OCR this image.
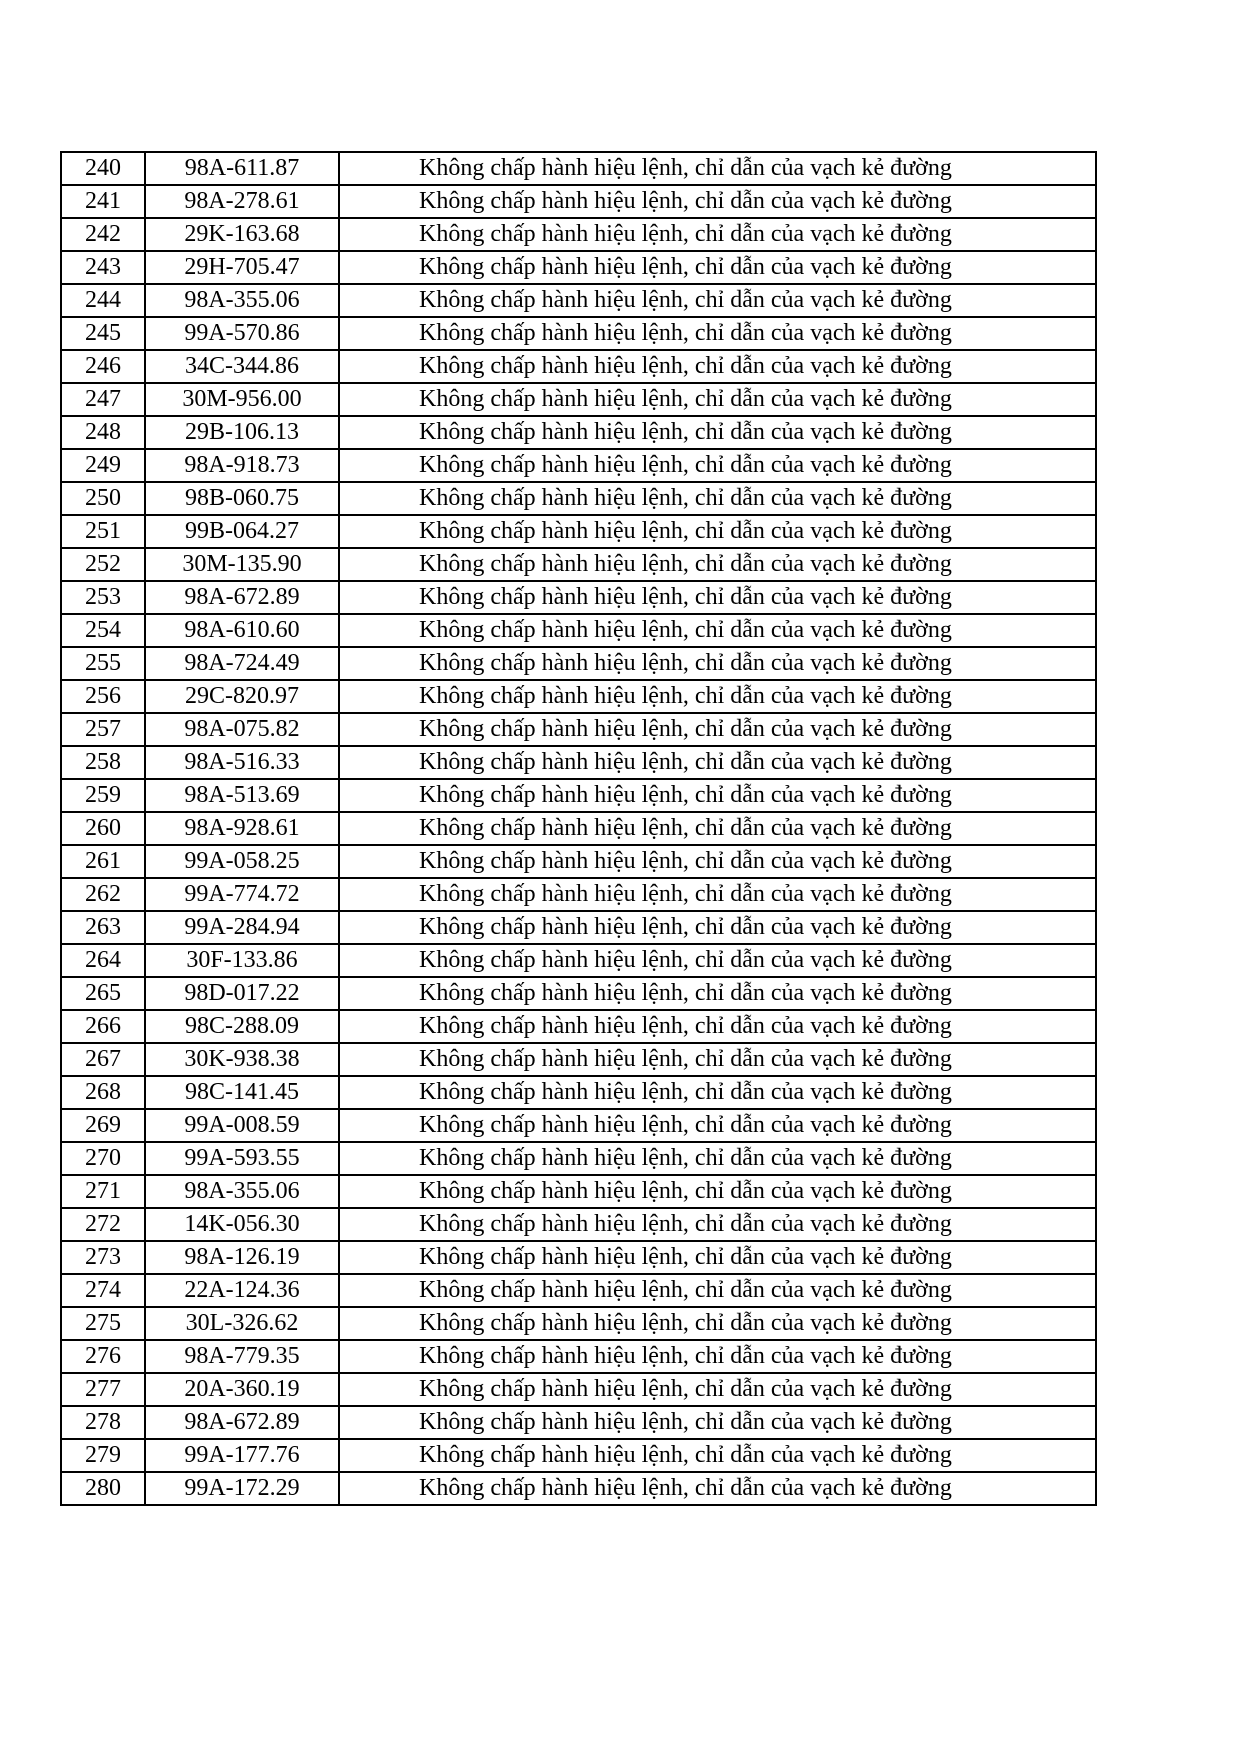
240	98A-611.87	Không chấp hành hiệu lệnh, chỉ dẫn của vạch kẻ đường
241	98A-278.61	Không chấp hành hiệu lệnh, chỉ dẫn của vạch kẻ đường
242	29K-163.68	Không chấp hành hiệu lệnh, chỉ dẫn của vạch kẻ đường
243	29H-705.47	Không chấp hành hiệu lệnh, chỉ dẫn của vạch kẻ đường
244	98A-355.06	Không chấp hành hiệu lệnh, chỉ dẫn của vạch kẻ đường
245	99A-570.86	Không chấp hành hiệu lệnh, chỉ dẫn của vạch kẻ đường
246	34C-344.86	Không chấp hành hiệu lệnh, chỉ dẫn của vạch kẻ đường
247	30M-956.00	Không chấp hành hiệu lệnh, chỉ dẫn của vạch kẻ đường
248	29B-106.13	Không chấp hành hiệu lệnh, chỉ dẫn của vạch kẻ đường
249	98A-918.73	Không chấp hành hiệu lệnh, chỉ dẫn của vạch kẻ đường
250	98B-060.75	Không chấp hành hiệu lệnh, chỉ dẫn của vạch kẻ đường
251	99B-064.27	Không chấp hành hiệu lệnh, chỉ dẫn của vạch kẻ đường
252	30M-135.90	Không chấp hành hiệu lệnh, chỉ dẫn của vạch kẻ đường
253	98A-672.89	Không chấp hành hiệu lệnh, chỉ dẫn của vạch kẻ đường
254	98A-610.60	Không chấp hành hiệu lệnh, chỉ dẫn của vạch kẻ đường
255	98A-724.49	Không chấp hành hiệu lệnh, chỉ dẫn của vạch kẻ đường
256	29C-820.97	Không chấp hành hiệu lệnh, chỉ dẫn của vạch kẻ đường
257	98A-075.82	Không chấp hành hiệu lệnh, chỉ dẫn của vạch kẻ đường
258	98A-516.33	Không chấp hành hiệu lệnh, chỉ dẫn của vạch kẻ đường
259	98A-513.69	Không chấp hành hiệu lệnh, chỉ dẫn của vạch kẻ đường
260	98A-928.61	Không chấp hành hiệu lệnh, chỉ dẫn của vạch kẻ đường
261	99A-058.25	Không chấp hành hiệu lệnh, chỉ dẫn của vạch kẻ đường
262	99A-774.72	Không chấp hành hiệu lệnh, chỉ dẫn của vạch kẻ đường
263	99A-284.94	Không chấp hành hiệu lệnh, chỉ dẫn của vạch kẻ đường
264	30F-133.86	Không chấp hành hiệu lệnh, chỉ dẫn của vạch kẻ đường
265	98D-017.22	Không chấp hành hiệu lệnh, chỉ dẫn của vạch kẻ đường
266	98C-288.09	Không chấp hành hiệu lệnh, chỉ dẫn của vạch kẻ đường
267	30K-938.38	Không chấp hành hiệu lệnh, chỉ dẫn của vạch kẻ đường
268	98C-141.45	Không chấp hành hiệu lệnh, chỉ dẫn của vạch kẻ đường
269	99A-008.59	Không chấp hành hiệu lệnh, chỉ dẫn của vạch kẻ đường
270	99A-593.55	Không chấp hành hiệu lệnh, chỉ dẫn của vạch kẻ đường
271	98A-355.06	Không chấp hành hiệu lệnh, chỉ dẫn của vạch kẻ đường
272	14K-056.30	Không chấp hành hiệu lệnh, chỉ dẫn của vạch kẻ đường
273	98A-126.19	Không chấp hành hiệu lệnh, chỉ dẫn của vạch kẻ đường
274	22A-124.36	Không chấp hành hiệu lệnh, chỉ dẫn của vạch kẻ đường
275	30L-326.62	Không chấp hành hiệu lệnh, chỉ dẫn của vạch kẻ đường
276	98A-779.35	Không chấp hành hiệu lệnh, chỉ dẫn của vạch kẻ đường
277	20A-360.19	Không chấp hành hiệu lệnh, chỉ dẫn của vạch kẻ đường
278	98A-672.89	Không chấp hành hiệu lệnh, chỉ dẫn của vạch kẻ đường
279	99A-177.76	Không chấp hành hiệu lệnh, chỉ dẫn của vạch kẻ đường
280	99A-172.29	Không chấp hành hiệu lệnh, chỉ dẫn của vạch kẻ đường
